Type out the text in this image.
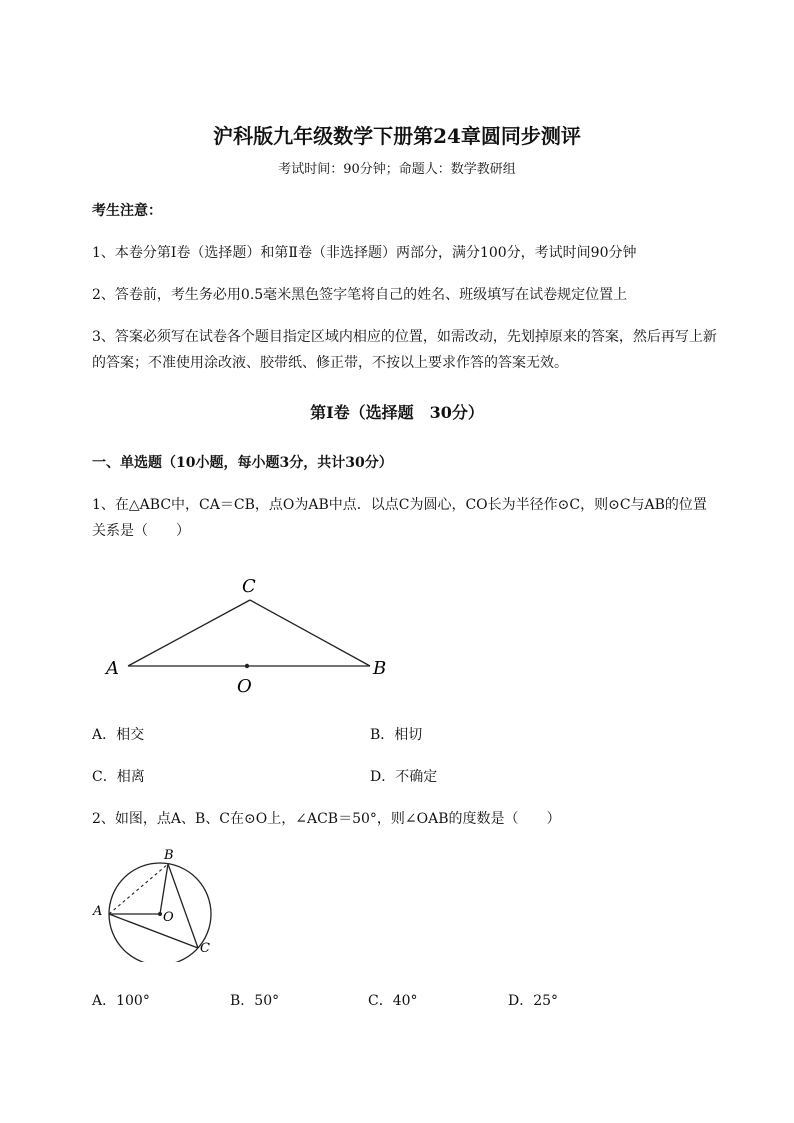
沪科版九年级数学下册第24章圆同步测评
考试时间：90分钟；命题人：数学教研组
考生注意：
1、本卷分第I卷（选择题）和第Ⅱ卷（非选择题）两部分，满分100分，考试时间90分钟
2、答卷前，考生务必用0.5毫米黑色签字笔将自己的姓名、班级填写在试卷规定位置上
3、答案必须写在试卷各个题目指定区域内相应的位置，如需改动，先划掉原来的答案，然后再写上新
的答案；不准使用涂改液、胶带纸、修正带，不按以上要求作答的答案无效。
第I卷（选择题　30分）
一、单选题（10小题，每小题3分，共计30分）
1、在△ABC中，CA＝CB，点O为AB中点．以点C为圆心，CO长为半径作⊙C，则⊙C与AB的位置
关系是（　　）
A	B
C
O
A．相交	B．相切
C．相离	D．不确定
2、如图，点A、B、C在⊙O上，∠ACB＝50°，则∠OAB的度数是（　　）
A
B
C
O
A．100°	B．50°	C．40°	D．25°
